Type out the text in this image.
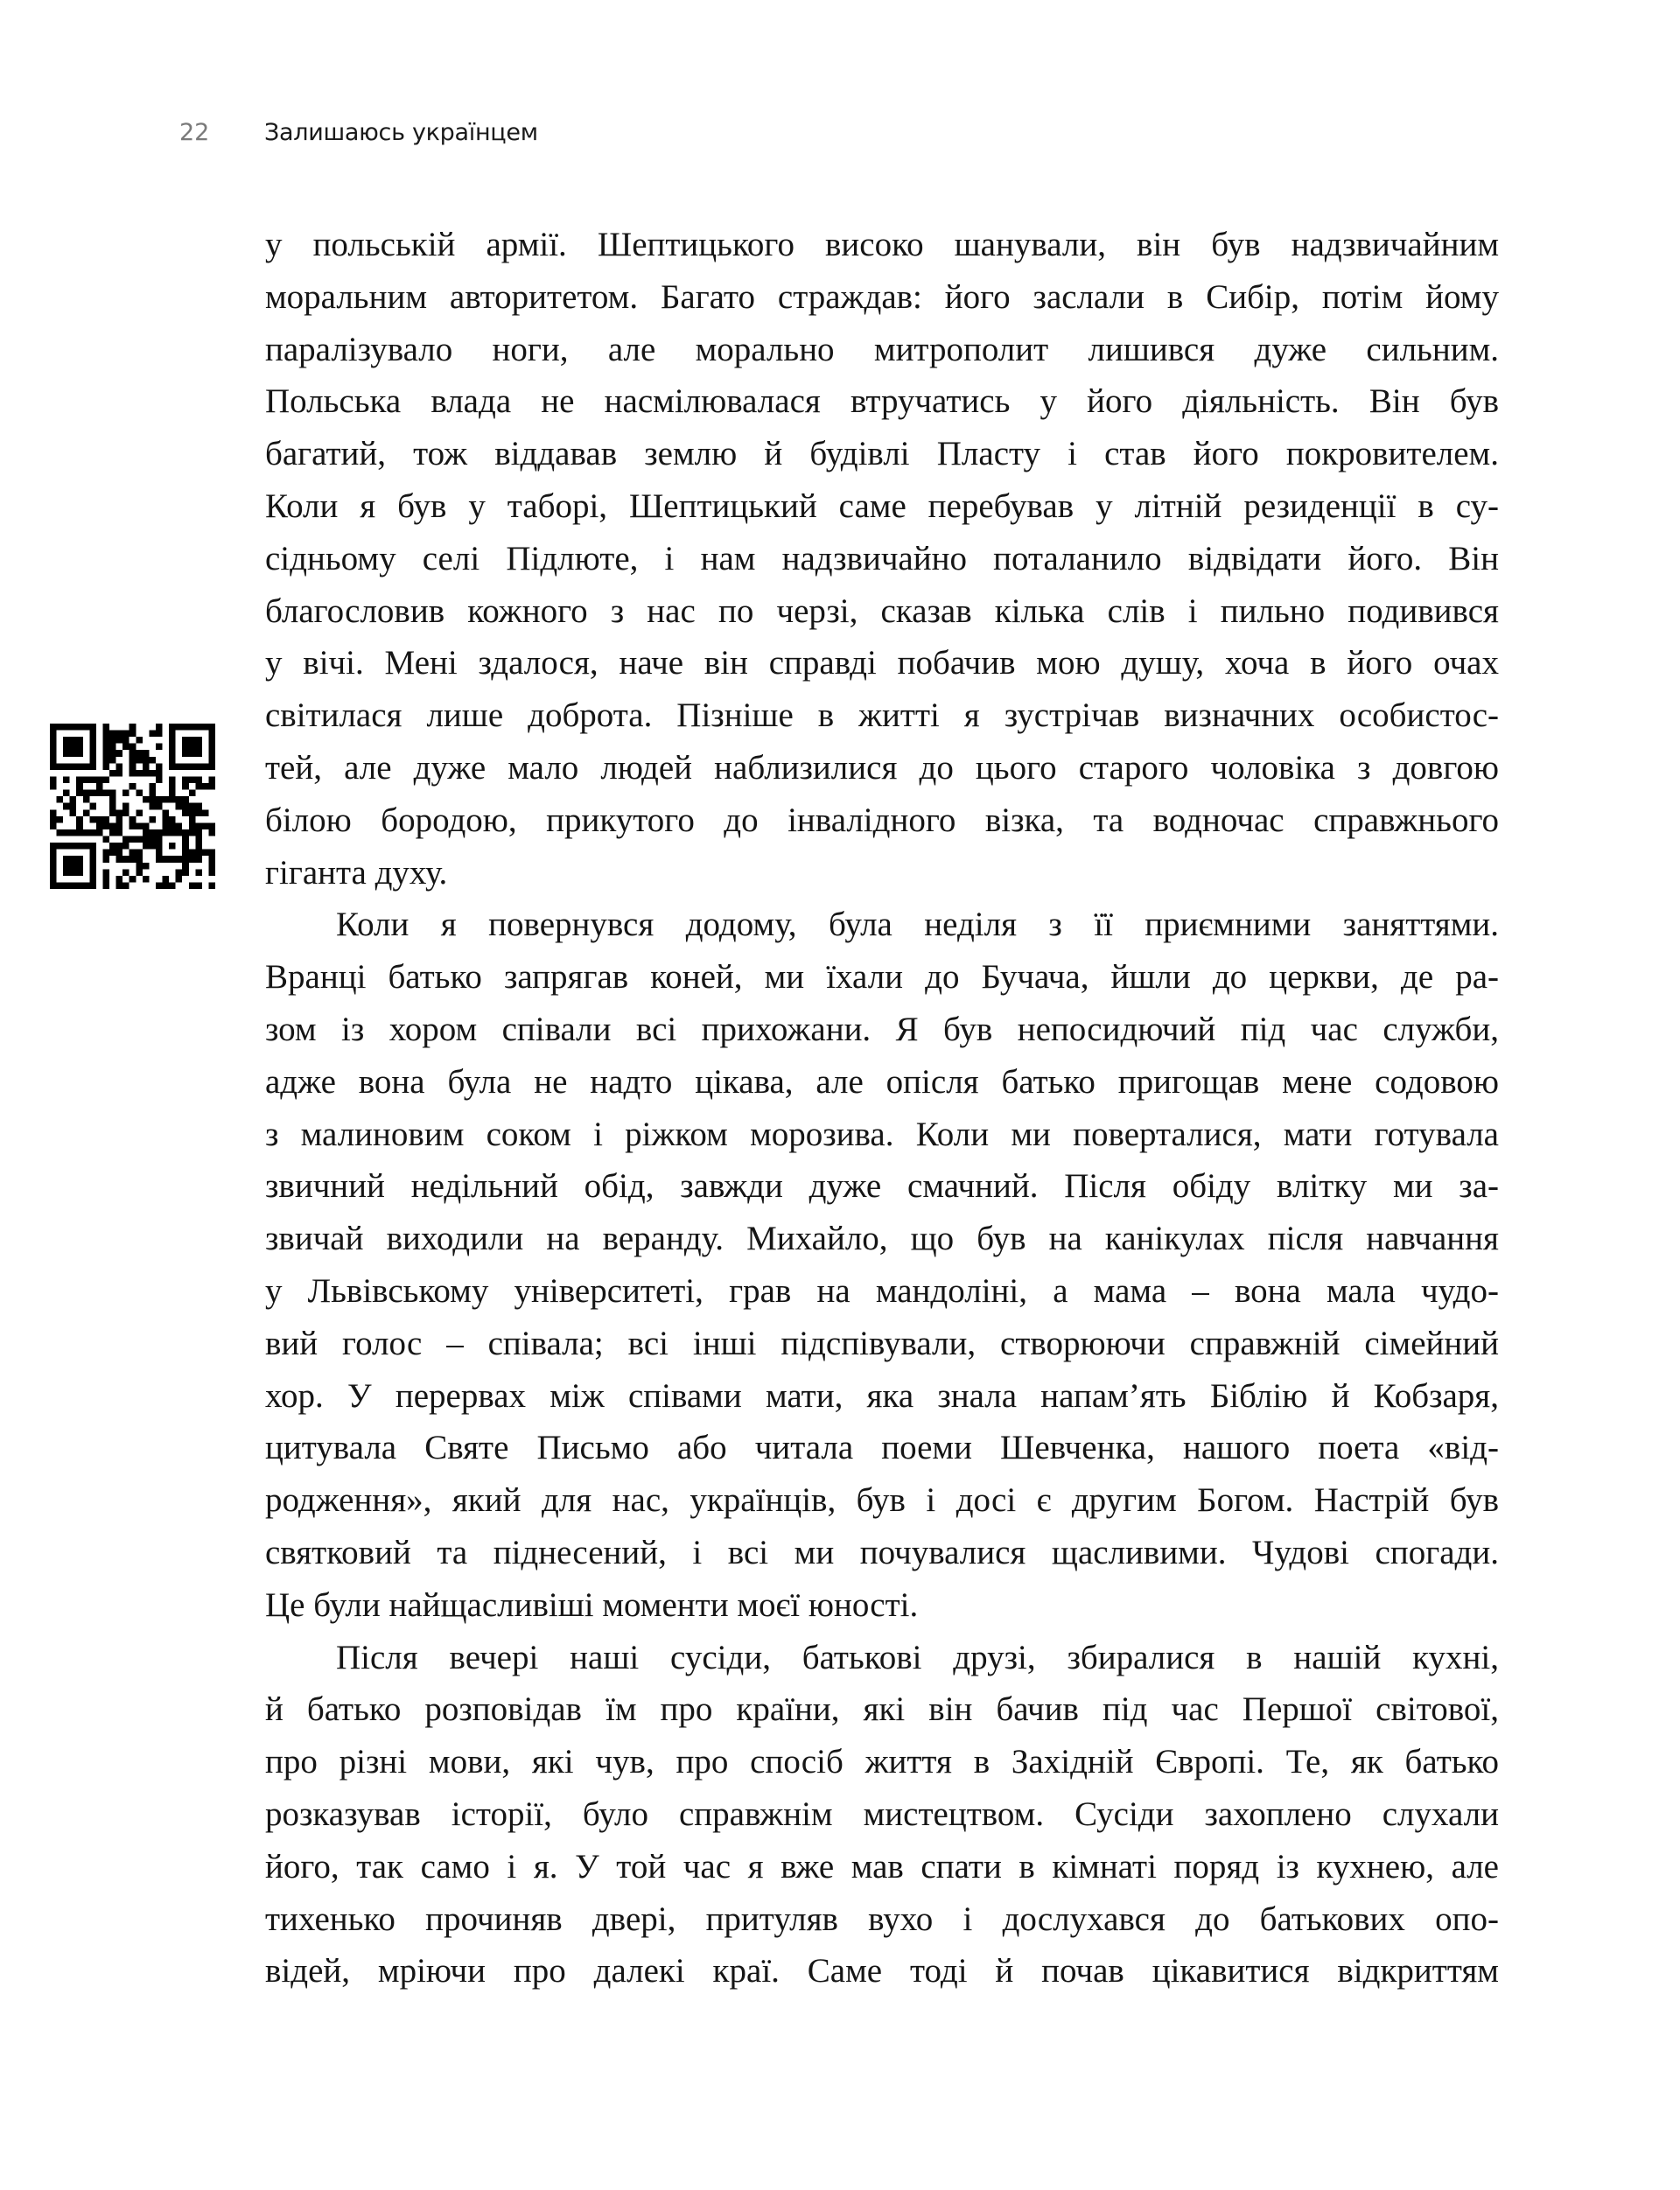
22 Залишаюсь українцем
у польській армії. Шептицького високо шанували, він був надзвичайним
моральним авторитетом. Багато страждав: його заслали в Сибір, потім йому
паралізувало ноги, але морально митрополит лишився дуже сильним.
Польська влада не насмілювалася втручатись у його діяльність. Він був
багатий, тож віддавав землю й будівлі Пласту і став його покровителем.
Коли я був у таборі, Шептицький саме перебував у літній резиденції в су-
сідньому селі Підлюте, і нам надзвичайно поталанило відвідати його. Він
благословив кожного з нас по черзі, сказав кілька слів і пильно подивився
у вічі. Мені здалося, наче він справді побачив мою душу, хоча в його очах
світилася лише доброта. Пізніше в житті я зустрічав визначних особистос-
тей, але дуже мало людей наблизилися до цього старого чоловіка з довгою
білою бородою, прикутого до інвалідного візка, та водночас справжнього
гіганта духу.
Коли я повернувся додому, була неділя з її приємними заняттями.
Вранці батько запрягав коней, ми їхали до Бучача, йшли до церкви, де ра-
зом із хором співали всі прихожани. Я був непосидючий під час служби,
адже вона була не надто цікава, але опісля батько пригощав мене содовою
з малиновим соком і ріжком морозива. Коли ми поверталися, мати готувала
звичний недільний обід, завжди дуже смачний. Після обіду влітку ми за-
звичай виходили на веранду. Михайло, що був на канікулах після навчання
у Львівському університеті, грав на мандоліні, а мама – вона мала чудо-
вий голос – співала; всі інші підспівували, створюючи справжній сімейний
хор. У перервах між співами мати, яка знала напам’ять Біблію й Кобзаря,
цитувала Святе Письмо або читала поеми Шевченка, нашого поета «від-
родження», який для нас, українців, був і досі є другим Богом. Настрій був
святковий та піднесений, і всі ми почувалися щасливими. Чудові спогади.
Це були найщасливіші моменти моєї юності.
Після вечері наші сусіди, батькові друзі, збиралися в нашій кухні,
й батько розповідав їм про країни, які він бачив під час Першої світової,
про різні мови, які чув, про спосіб життя в Західній Європі. Те, як батько
розказував історії, було справжнім мистецтвом. Сусіди захоплено слухали
його, так само і я. У той час я вже мав спати в кімнаті поряд із кухнею, але
тихенько прочиняв двері, притуляв вухо і дослухався до батькових опо-
відей, мріючи про далекі краї. Саме тоді й почав цікавитися відкриттям
